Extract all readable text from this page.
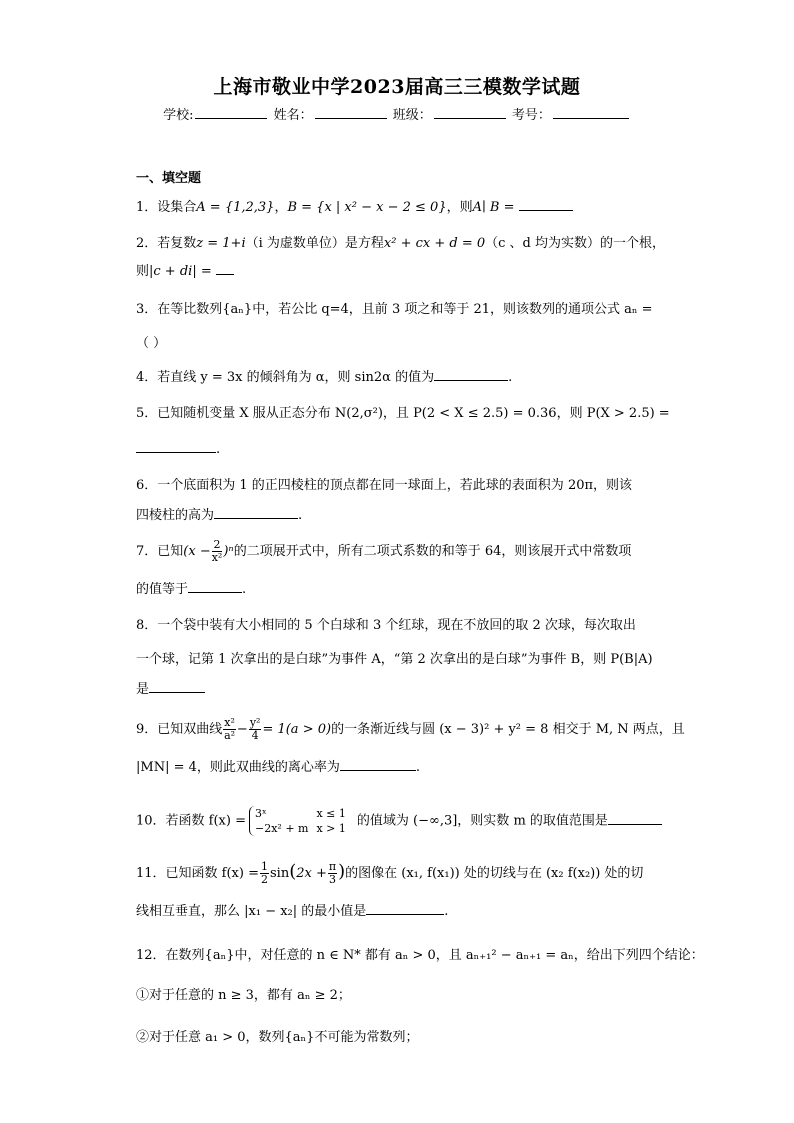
上海市敬业中学2023届高三三模数学试题
学校:	姓名：	班级：	考号：
一、填空题
1．设集合A = {1,2,3}，B = {x | x² − x − 2 ≤ 0}，则A∣ B =
2．若复数z = 1+i（i 为虚数单位）是方程x² + cx + d = 0（c 、d 均为实数）的一个根，
则|c + di| =
3．在等比数列{aₙ}中，若公比 q=4，且前 3 项之和等于 21，则该数列的通项公式 aₙ =
（ ）
4．若直线 y = 3x 的倾斜角为 α，则 sin2α 的值为	.
5．已知随机变量 X 服从正态分布 N(2,σ²)，且 P(2 < X ≤ 2.5) = 0.36，则 P(X > 2.5) =
.
6．一个底面积为 1 的正四棱柱的顶点都在同一球面上，若此球的表面积为 20π，则该
四棱柱的高为	.
7．已知$(x - \frac{2}{\text{x²}} )^n$的二项展开式中，所有二项式系数的和等于 64，则该展开式中常数项
的值等于	.
8．一个袋中装有大小相同的 5 个白球和 3 个红球，现在不放回的取 2 次球，每次取出
一个球，记第 1 次拿出的是白球”为事件 A，“第 2 次拿出的是白球”为事件 B，则 P(B|A)
是
9．已知双曲线 $\frac{\text{x²}}{\text{a²}} - \frac{\text{y²}}{4} = 1(a > 0)$的一条渐近线与圆 (x − 3)² + y² = 8 相交于 M, N 两点，且
|MN| = 4，则此双曲线的离心率为	.
10．若函数 f(x) = 3ˣ	x ≤ 1
−2x² + m	x > 1 的值域为 (−∞,3]，则实数 m 的取值范围是
11．已知函数 $f(x) = \frac{1}{2} \sin(2x + \frac{\pi}{3}$ )的图像在 (x₁, f(x₁)) 处的切线与在 (x₂ f(x₂)) 处的切
线相互垂直，那么 |x₁ − x₂| 的最小值是	.
12．在数列{aₙ}中，对任意的 n ∈ N* 都有 aₙ > 0，且 aₙ₊₁² − aₙ₊₁ = aₙ，给出下列四个结论：
①对于任意的 n ≥ 3，都有 aₙ ≥ 2；
②对于任意 a₁ > 0，数列{aₙ}不可能为常数列；
